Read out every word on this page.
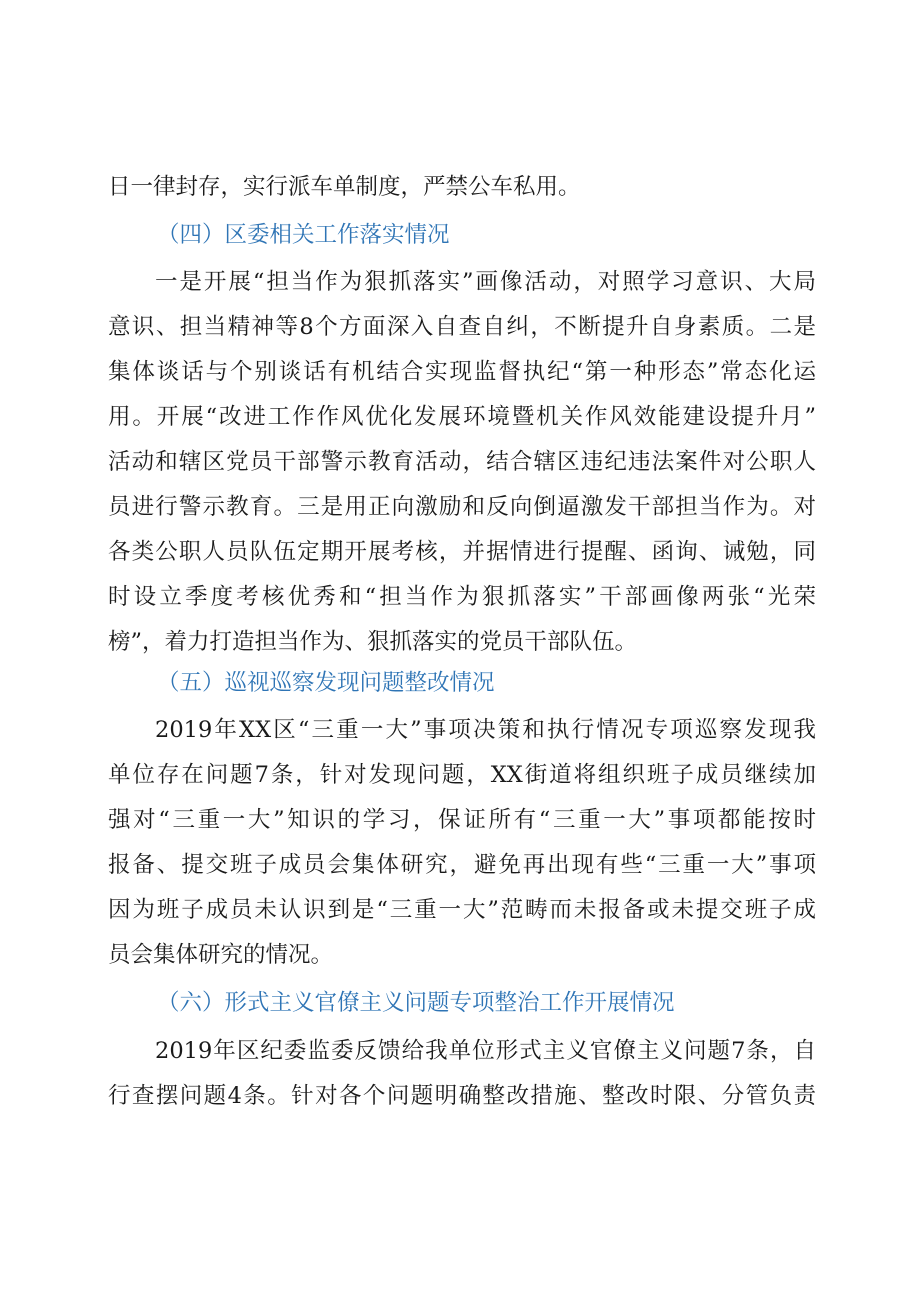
日一律封存，实行派车单制度，严禁公车私用。
（四）区委相关工作落实情况
一是开展“担当作为狠抓落实”画像活动，对照学习意识、大局
意识、担当精神等8个方面深入自查自纠，不断提升自身素质。二是
集体谈话与个别谈话有机结合实现监督执纪“第一种形态”常态化运
用。开展“改进工作作风优化发展环境暨机关作风效能建设提升月”
活动和辖区党员干部警示教育活动，结合辖区违纪违法案件对公职人
员进行警示教育。三是用正向激励和反向倒逼激发干部担当作为。对
各类公职人员队伍定期开展考核，并据情进行提醒、函询、诫勉，同
时设立季度考核优秀和“担当作为狠抓落实”干部画像两张“光荣
榜”，着力打造担当作为、狠抓落实的党员干部队伍。
（五）巡视巡察发现问题整改情况
2019年XX区“三重一大”事项决策和执行情况专项巡察发现我
单位存在问题7条，针对发现问题，XX街道将组织班子成员继续加
强对“三重一大”知识的学习，保证所有“三重一大”事项都能按时
报备、提交班子成员会集体研究，避免再出现有些“三重一大”事项
因为班子成员未认识到是“三重一大”范畴而未报备或未提交班子成
员会集体研究的情况。
（六）形式主义官僚主义问题专项整治工作开展情况
2019年区纪委监委反馈给我单位形式主义官僚主义问题7条，自
行查摆问题4条。针对各个问题明确整改措施、整改时限、分管负责
